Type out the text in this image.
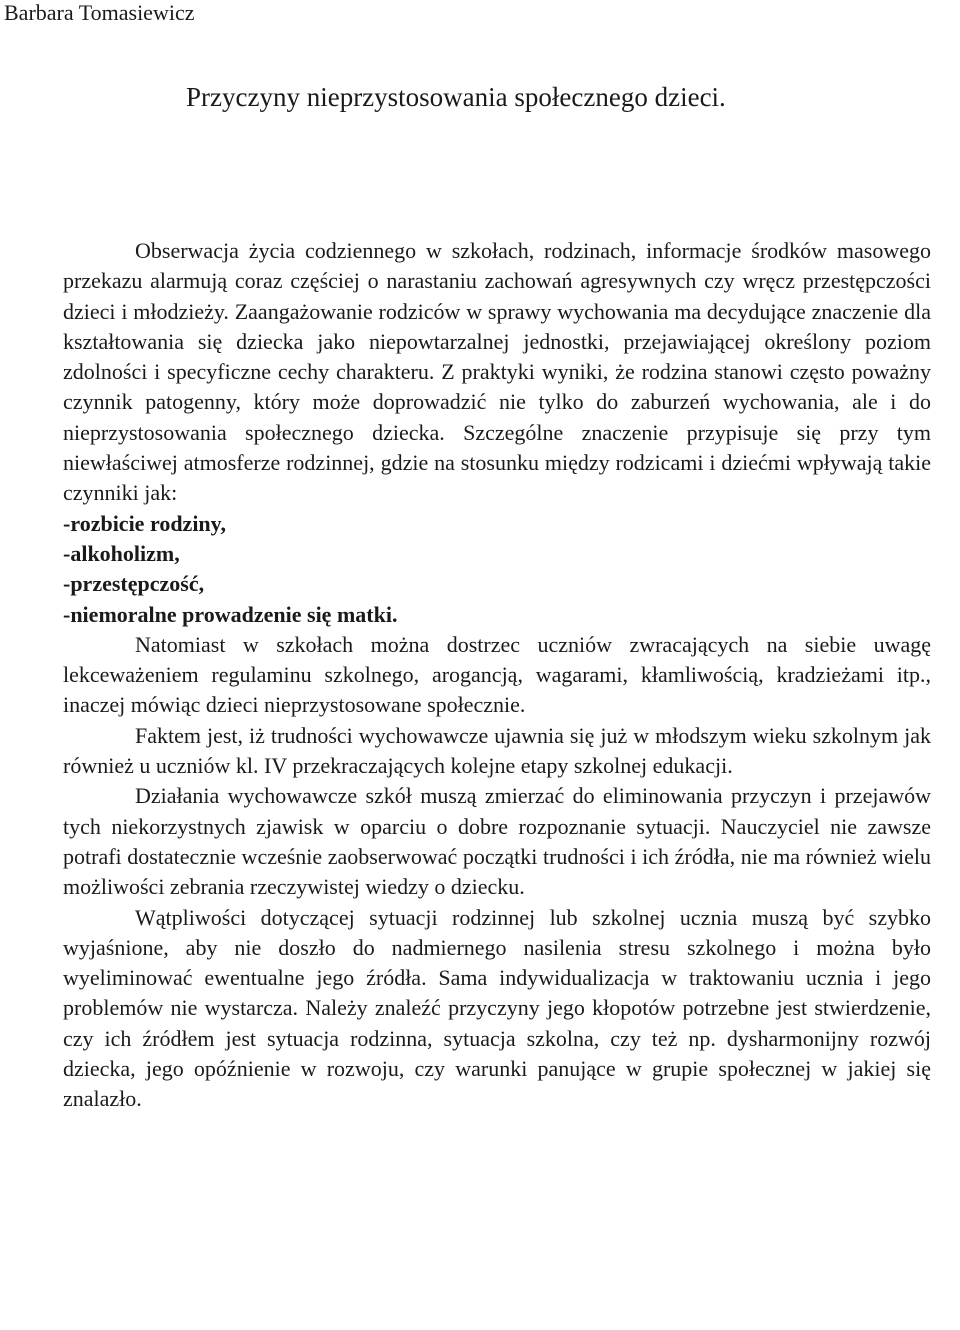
Barbara Tomasiewicz
Przyczyny nieprzystosowania społecznego dzieci.

Obserwacja życia codziennego w szkołach, rodzinach, informacje środków masowego przekazu alarmują coraz częściej o narastaniu zachowań agresywnych czy wręcz przestępczości dzieci i młodzieży. Zaangażowanie rodziców w sprawy wychowania ma decydujące znaczenie dla kształtowania się dziecka jako niepowtarzalnej jednostki, przejawiającej określony poziom zdolności i specyficzne cechy charakteru. Z praktyki wyniki, że rodzina stanowi często poważny czynnik patogenny, który może doprowadzić nie tylko do zaburzeń wychowania, ale i do nieprzystosowania społecznego dziecka. Szczególne znaczenie przypisuje się przy tym niewłaściwej atmosferze rodzinnej, gdzie na stosunku między rodzicami i dziećmi wpływają takie czynniki jak:

-rozbicie rodziny,
-alkoholizm,
-przestępczość,
-niemoralne prowadzenie się matki.

Natomiast w szkołach można dostrzec uczniów zwracających na siebie uwagę lekceważeniem regulaminu szkolnego, arogancją, wagarami, kłamliwością, kradzieżami itp., inaczej mówiąc dzieci nieprzystosowane społecznie.

Faktem jest, iż trudności wychowawcze ujawnia się już w młodszym wieku szkolnym jak również u uczniów kl. IV przekraczających kolejne etapy szkolnej edukacji.

Działania wychowawcze szkół muszą zmierzać do eliminowania przyczyn i przejawów tych niekorzystnych zjawisk w oparciu o dobre rozpoznanie sytuacji. Nauczyciel nie zawsze potrafi dostatecznie wcześnie zaobserwować początki trudności i ich źródła, nie ma również wielu możliwości zebrania rzeczywistej wiedzy o dziecku.

Wątpliwości dotyczącej sytuacji rodzinnej lub szkolnej ucznia muszą być szybko wyjaśnione, aby nie doszło do nadmiernego nasilenia stresu szkolnego i można było wyeliminować ewentualne jego źródła. Sama indywidualizacja w traktowaniu ucznia i jego problemów nie wystarcza. Należy znaleźć przyczyny jego kłopotów potrzebne jest stwierdzenie, czy ich źródłem jest sytuacja rodzinna, sytuacja szkolna, czy też np. dysharmonijny rozwój dziecka, jego opóźnienie w rozwoju, czy warunki panujące w grupie społecznej w jakiej się znalazło.
